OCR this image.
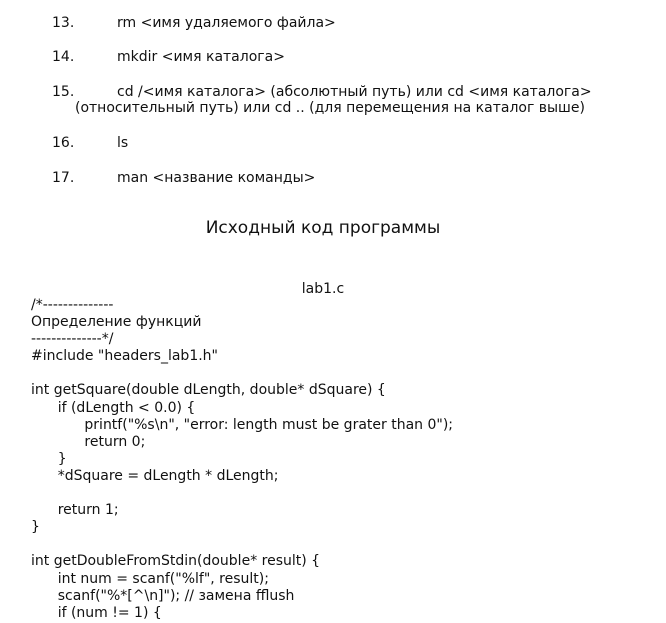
13.	rm <имя удаляемого файла>
14.	mkdir <имя каталога>
15.	cd /<имя каталога> (абсолютный путь) или cd <имя каталога>
(относительный путь) или cd .. (для перемещения на каталог выше)
16.	ls
17.	man <название команды>
Исходный код программы
lab1.c
/*--------------
Определение функций
--------------*/
#include "headers_lab1.h"

int getSquare(double dLength, double* dSquare) {
	if (dLength < 0.0) {
		printf("%s\n", "error: length must be grater than 0");
		return 0;
	}
	*dSquare = dLength * dLength;

	return 1;
}

int getDoubleFromStdin(double* result) {
	int num = scanf("%lf", result);
	scanf("%*[^\n]"); // замена fflush
	if (num != 1) {
